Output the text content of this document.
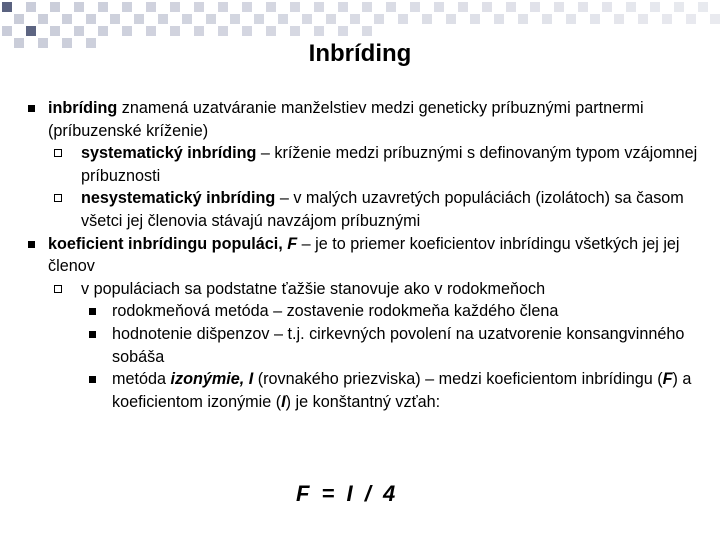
Inbríding
inbríding znamená uzatváranie manželstiev medzi geneticky príbuznými partnermi (príbuzenské kríženie)
systematický inbríding – kríženie medzi príbuznými s definovaným typom vzájomnej príbuznosti
nesystematický inbríding – v malých uzavretých populáciách (izolátoch) sa časom všetci jej členovia stávajú navzájom príbuznými
koeficient inbrídingu populáci, F – je to priemer koeficientov inbrídingu všetkých jej jej členov
v populáciach sa podstatne ťažšie stanovuje ako v rodokmeňoch
rodokmeňová metóda – zostavenie rodokmeňa každého člena
hodnotenie dišpenzov – t.j. cirkevných povolení na uzatvorenie konsangvinného sobáša
metóda izonýmie, I (rovnakého priezviska) – medzi koeficientom inbrídingu (F) a koeficientom izonýmie (I) je konštantný vzťah:
F = I / 4
